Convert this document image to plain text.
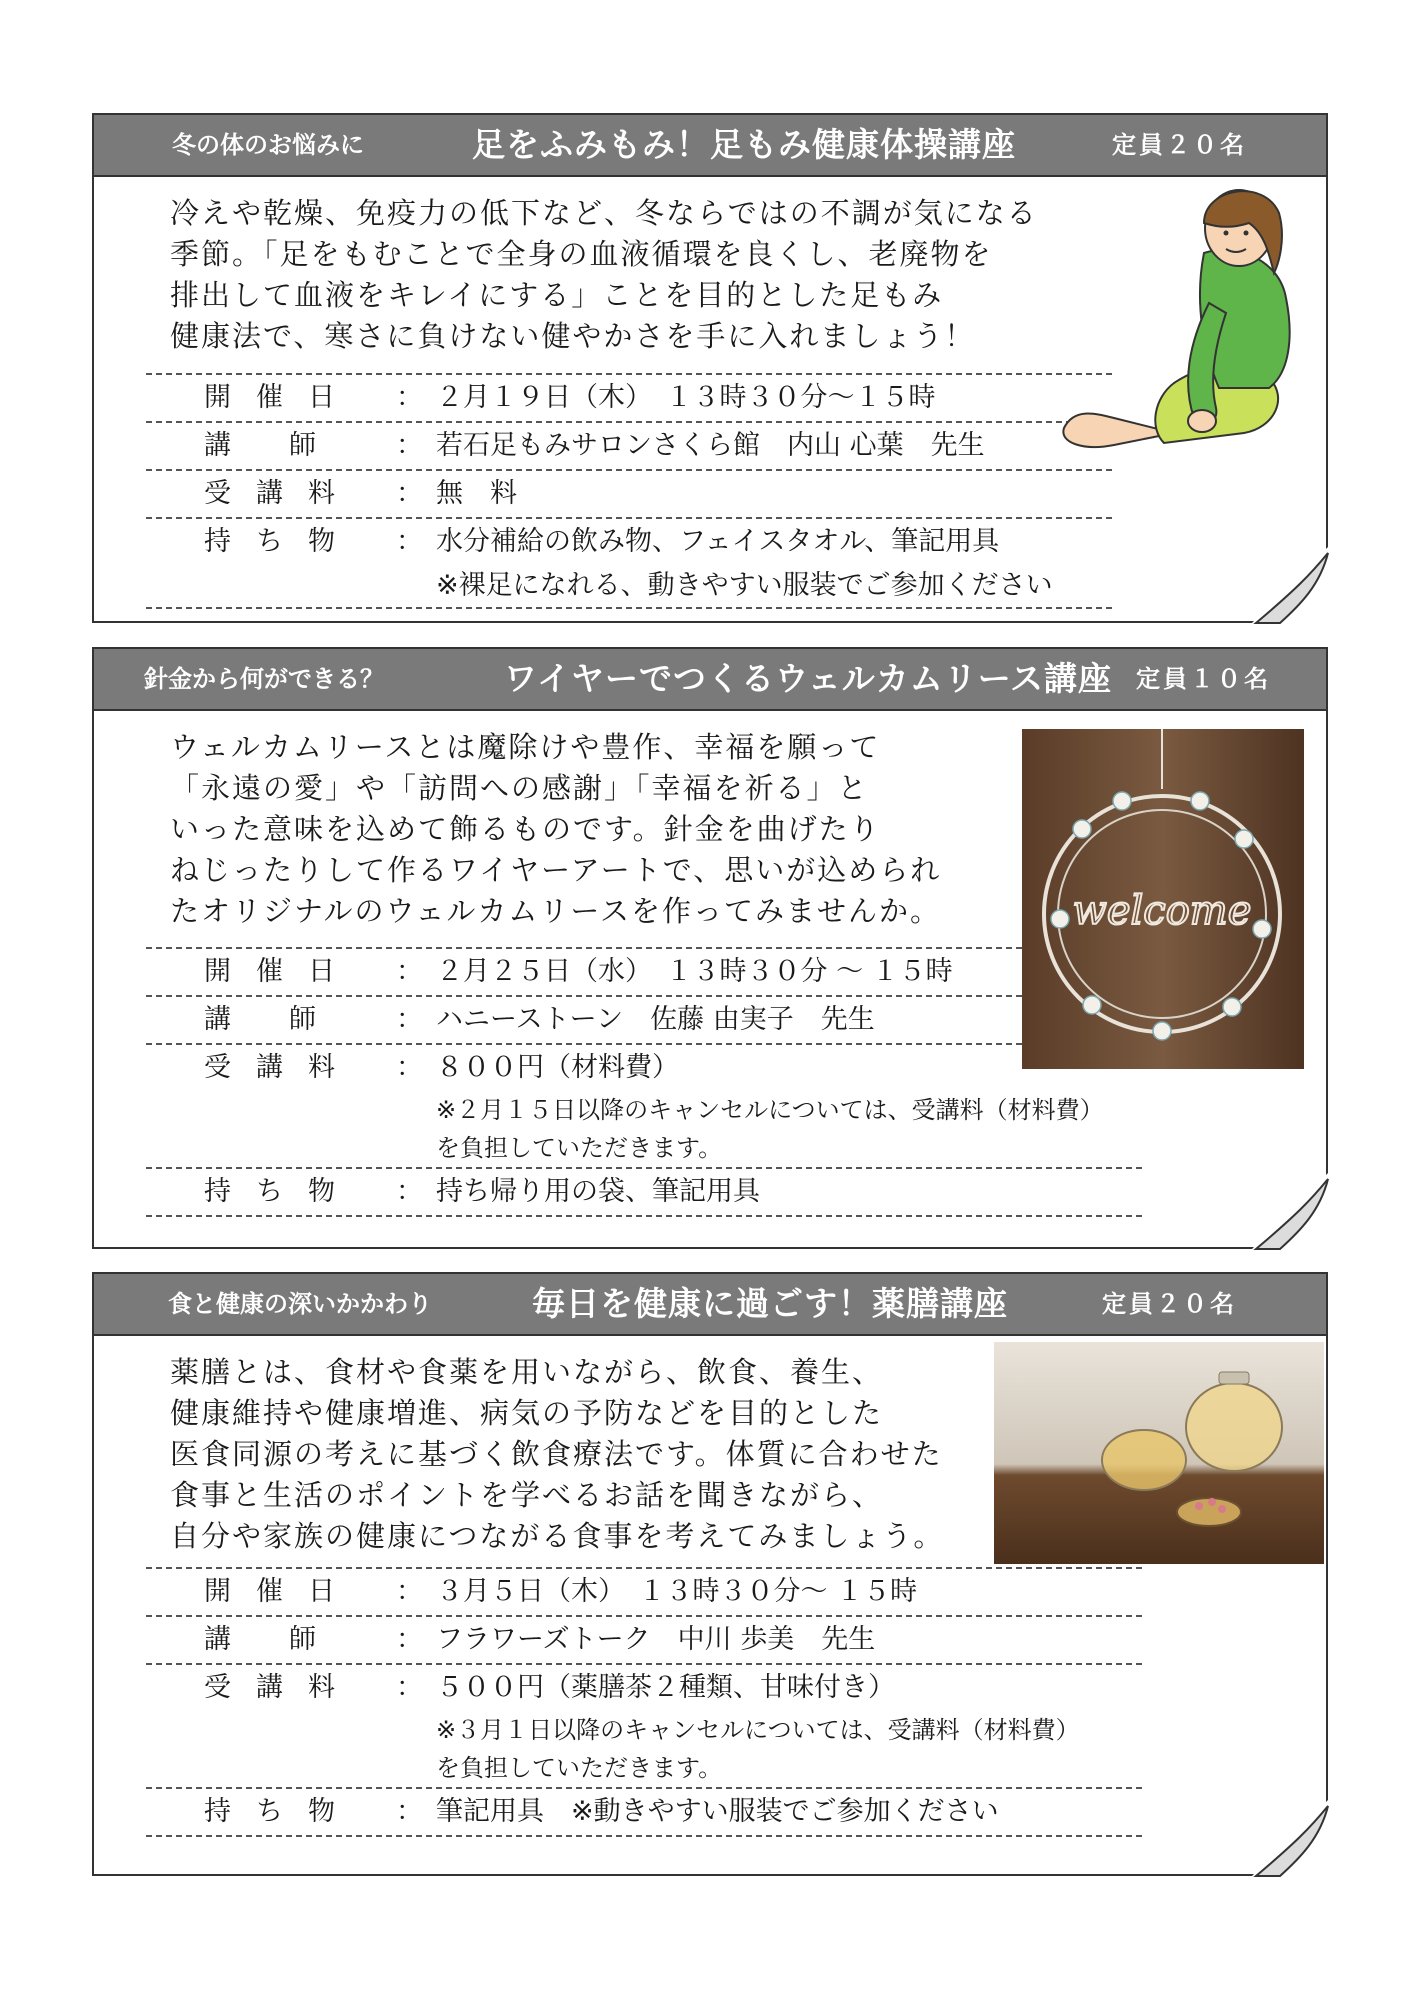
冬の体のお悩みに	足をふみもみ！足もみ健康体操講座	定員２０名
冷えや乾燥、免疫力の低下など、冬ならではの不調が気になる
季節。「足をもむことで全身の血液循環を良くし、老廃物を
排出して血液をキレイにする」ことを目的とした足もみ
健康法で、寒さに負けない健やかさを手に入れましょう！
開催日 ： ２月１９日（木）　１３時３０分〜１５時
講師 ： 若石足もみサロンさくら館　内山 心葉　先生
受講料 ： 無　料
持ち物 ： 水分補給の飲み物、フェイスタオル、筆記用具
※裸足になれる、動きやすい服装でご参加ください
針金から何ができる？	ワイヤーでつくるウェルカムリース講座 定員１０名
ウェルカムリースとは魔除けや豊作、幸福を願って
「永遠の愛」や「訪問への感謝」「幸福を祈る」と
いった意味を込めて飾るものです。針金を曲げたり
ねじったりして作るワイヤーアートで、思いが込められ
たオリジナルのウェルカムリースを作ってみませんか。
開催日 ： ２月２５日（水）　１３時３０分 〜 １５時
講師 ： ハニーストーン　佐藤 由実子　先生
受講料 ： ８００円（材料費）
※２月１５日以降のキャンセルについては、受講料（材料費）
を負担していただきます。
持ち物 ： 持ち帰り用の袋、筆記用具
welcome
食と健康の深いかかわり	毎日を健康に過ごす！薬膳講座	定員２０名
薬膳とは、食材や食薬を用いながら、飲食、養生、
健康維持や健康増進、病気の予防などを目的とした
医食同源の考えに基づく飲食療法です。体質に合わせた
食事と生活のポイントを学べるお話を聞きながら、
自分や家族の健康につながる食事を考えてみましょう。
開催日 ： ３月５日（木）　１３時３０分〜 １５時
講師 ： フラワーズトーク　中川 歩美　先生
受講料 ： ５００円（薬膳茶２種類、甘味付き）
※３月１日以降のキャンセルについては、受講料（材料費）
を負担していただきます。
持ち物 ： 筆記用具　※動きやすい服装でご参加ください
